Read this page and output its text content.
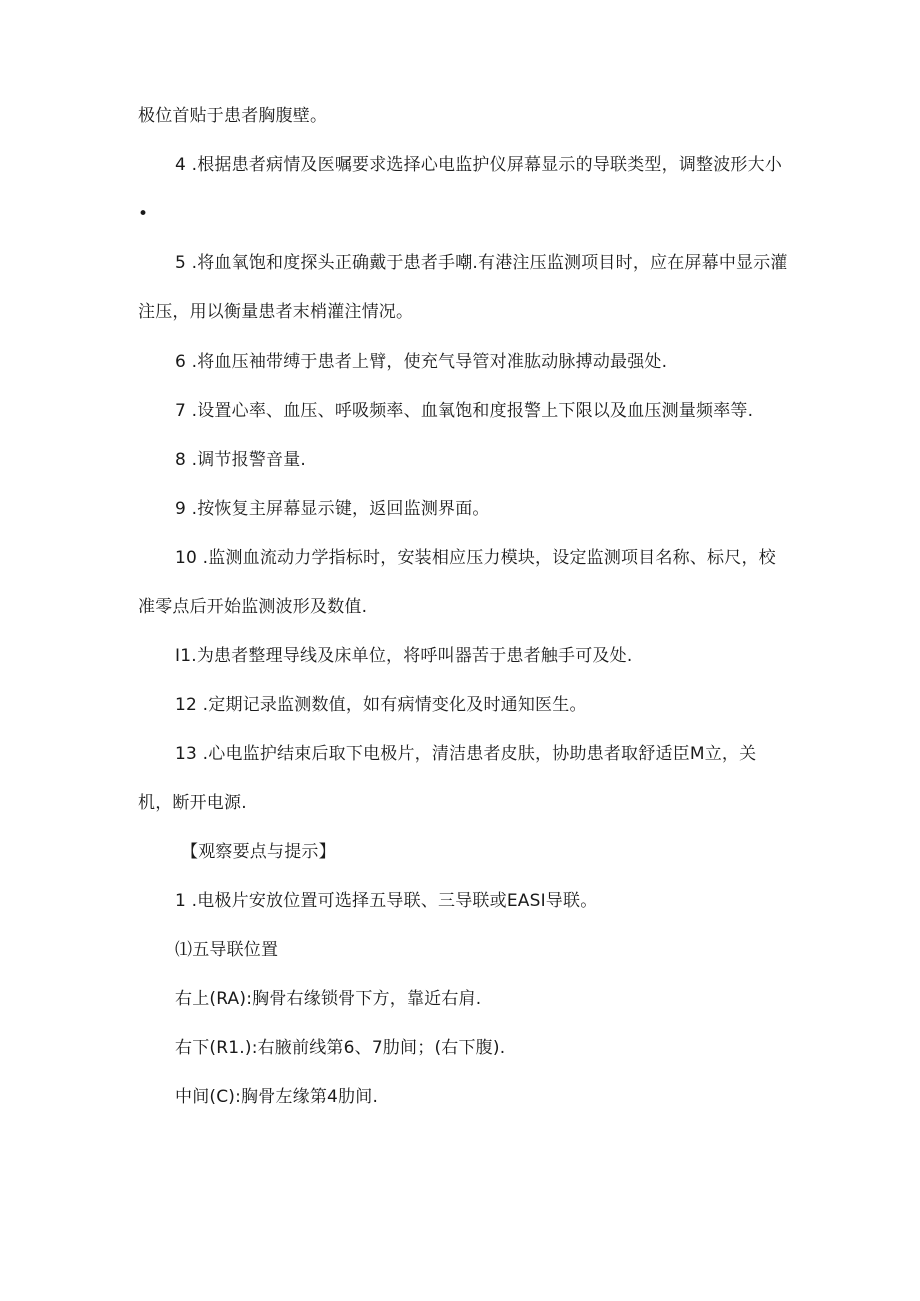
极位首贴于患者胸腹壁。
4 .根据患者病情及医嘱要求选择心电监护仪屏幕显示的导联类型，调整波形大小
•
5 .将血氧饱和度探头正确戴于患者手嘲.有港注压监测项目时，应在屏幕中显示灌
注压，用以衡量患者末梢灌注情况。
6 .将血压袖带缚于患者上臂，使充气导管对准肱动脉搏动最强处.
7 .设置心率、血压、呼吸频率、血氧饱和度报警上下限以及血压测量频率等.
8 .调节报警音量.
9 .按恢复主屏幕显示键，返回监测界面。
10 .监测血流动力学指标时，安装相应压力模块，设定监测项目名称、标尺，校
准零点后开始监测波形及数值.
I1.为患者整理导线及床单位，将呼叫器苦于患者触手可及处.
12 .定期记录监测数值，如有病情变化及时通知医生。
13 .心电监护结束后取下电极片，清洁患者皮肤，协助患者取舒适臣M立，关
机，断开电源.
【观察要点与提示】
1 .电极片安放位置可选择五导联、三导联或EASI导联。
⑴五导联位置
右上(RA):胸骨右缘锁骨下方，靠近右肩.
右下(R1.):右腋前线第6、7肋间；(右下腹).
中间(C):胸骨左缘第4肋间.
